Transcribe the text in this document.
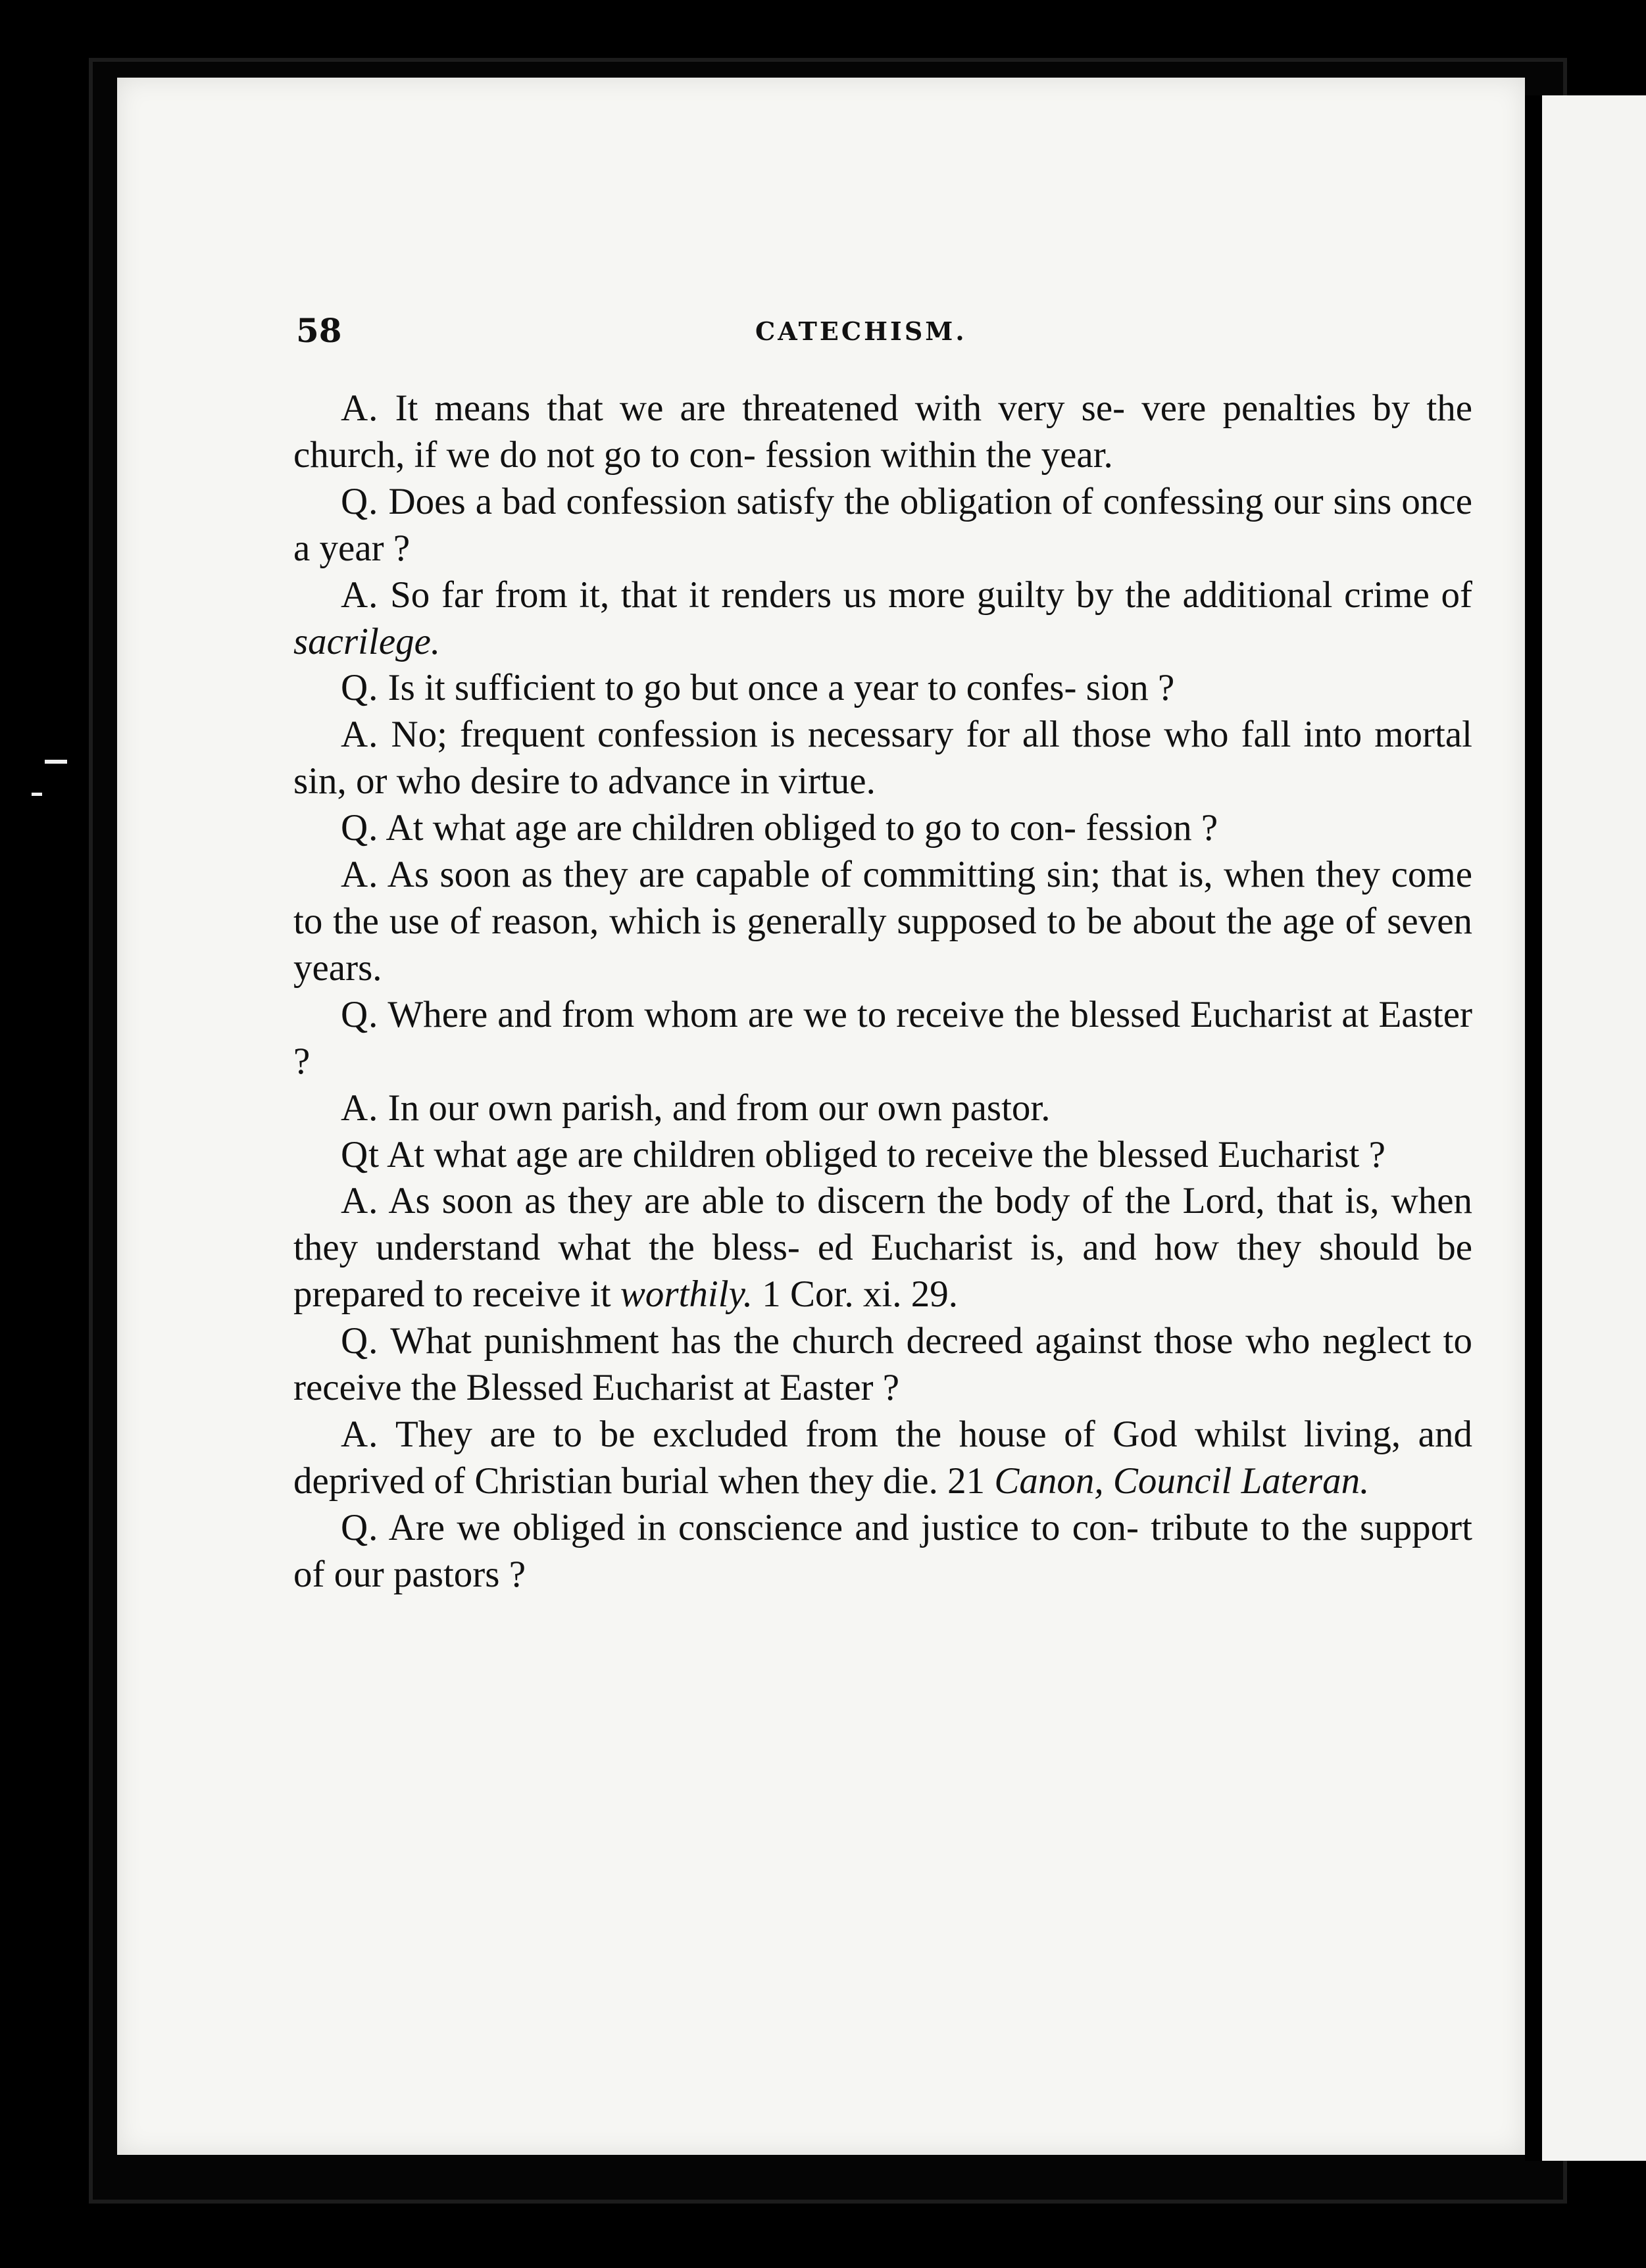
58	CATECHISM.

A. It means that we are threatened with very se- vere penalties by the church, if we do not go to con- fession within the year.

Q. Does a bad confession satisfy the obligation of confessing our sins once a year ?

A. So far from it, that it renders us more guilty by the additional crime of sacrilege.

Q. Is it sufficient to go but once a year to confes- sion ?

A. No; frequent confession is necessary for all those who fall into mortal sin, or who desire to advance in virtue.

Q. At what age are children obliged to go to con- fession ?

A. As soon as they are capable of committing sin; that is, when they come to the use of reason, which is generally supposed to be about the age of seven years.

Q. Where and from whom are we to receive the blessed Eucharist at Easter ?

A. In our own parish, and from our own pastor.

Qt At what age are children obliged to receive the blessed Eucharist ?

A. As soon as they are able to discern the body of the Lord, that is, when they understand what the bless- ed Eucharist is, and how they should be prepared to receive it worthily. 1 Cor. xi. 29.

Q. What punishment has the church decreed against those who neglect to receive the Blessed Eucharist at Easter ?

A. They are to be excluded from the house of God whilst living, and deprived of Christian burial when they die. 21 Canon, Council Lateran.

Q. Are we obliged in conscience and justice to con- tribute to the support of our pastors ?
